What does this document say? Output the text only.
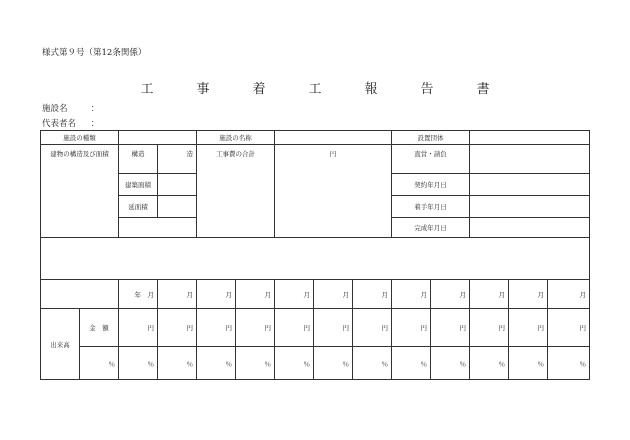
様式第９号（第12条関係）
工　事　着　工　報　告　書
施設名	：
代表者名 ：
施設の種類				施設の名称					設置団体				
建物の構造及び面積		構造	造	工事費の合計		円			直営・請負				
		建築面積							契約年月日				
		延面積							着手年月日				
									完成年月日				

		年　月	月	月	月	月	月	月	月	月	月	月	月
出来高	金　額	円	円	円	円	円	円	円	円	円	円	円	円
	％	％	％	％	％	％	％	％	％	％	％	％	％
